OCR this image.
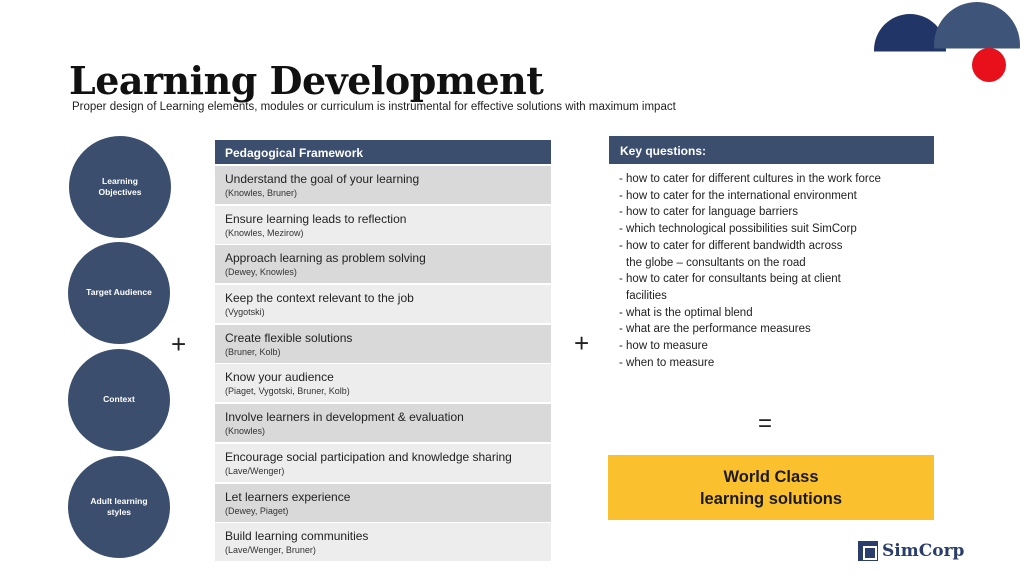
Learning Development
Proper design of Learning elements, modules or curriculum is instrumental for effective solutions with maximum impact
Learning Objectives
Target Audience
Context
Adult learning styles
+	+
=
Pedagogical Framework
Understand the goal of your learning
(Knowles, Bruner)
Ensure learning leads to reflection
(Knowles, Mezirow)
Approach learning as problem solving
(Dewey, Knowles)
Keep the context relevant to the job
(Vygotski)
Create flexible solutions
(Bruner, Kolb)
Know your audience
(Piaget, Vygotski, Bruner, Kolb)
Involve learners in development & evaluation
(Knowles)
Encourage social participation and knowledge sharing
(Lave/Wenger)
Let learners experience
(Dewey, Piaget)
Build learning communities
(Lave/Wenger, Bruner)
Key questions:
- how to cater for different cultures in the work force
- how to cater for the international environment
- how to cater for language barriers
- which technological possibilities suit SimCorp
- how to cater for different bandwidth across
the globe – consultants on the road
- how to cater for consultants being at client
facilities
- what is the optimal blend
- what are the performance measures
- how to measure
- when to measure
World Class
learning solutions
SimCorp
